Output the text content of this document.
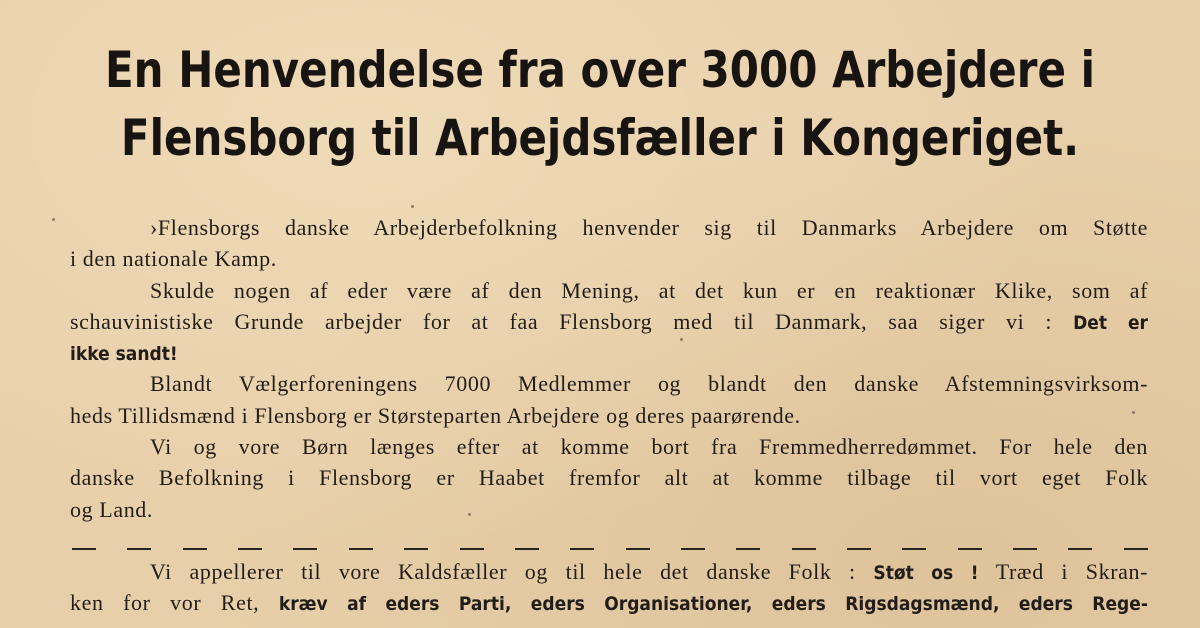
En Henvendelse fra over 3000 Arbejdere i
Flensborg til Arbejdsfæller i Kongeriget.
›Flensborgs danske Arbejderbefolkning henvender sig til Danmarks Arbejdere om Støtte
i den nationale Kamp.
Skulde nogen af eder være af den Mening, at det kun er en reaktionær Klike, som af
schauvinistiske Grunde arbejder for at faa Flensborg med til Danmark, saa siger vi : Det er
ikke sandt!
Blandt Vælgerforeningens 7000 Medlemmer og blandt den danske Afstemningsvirksom-
heds Tillidsmænd i Flensborg er Størsteparten Arbejdere og deres paarørende.
Vi og vore Børn længes efter at komme bort fra Fremmedherredømmet. For hele den
danske Befolkning i Flensborg er Haabet fremfor alt at komme tilbage til vort eget Folk
og Land.
Vi appellerer til vore Kaldsfæller og til hele det danske Folk : Støt os ! Træd i Skran-
ken for vor Ret, kræv af eders Parti, eders Organisationer, eders Rigsdagsmænd, eders Rege-
